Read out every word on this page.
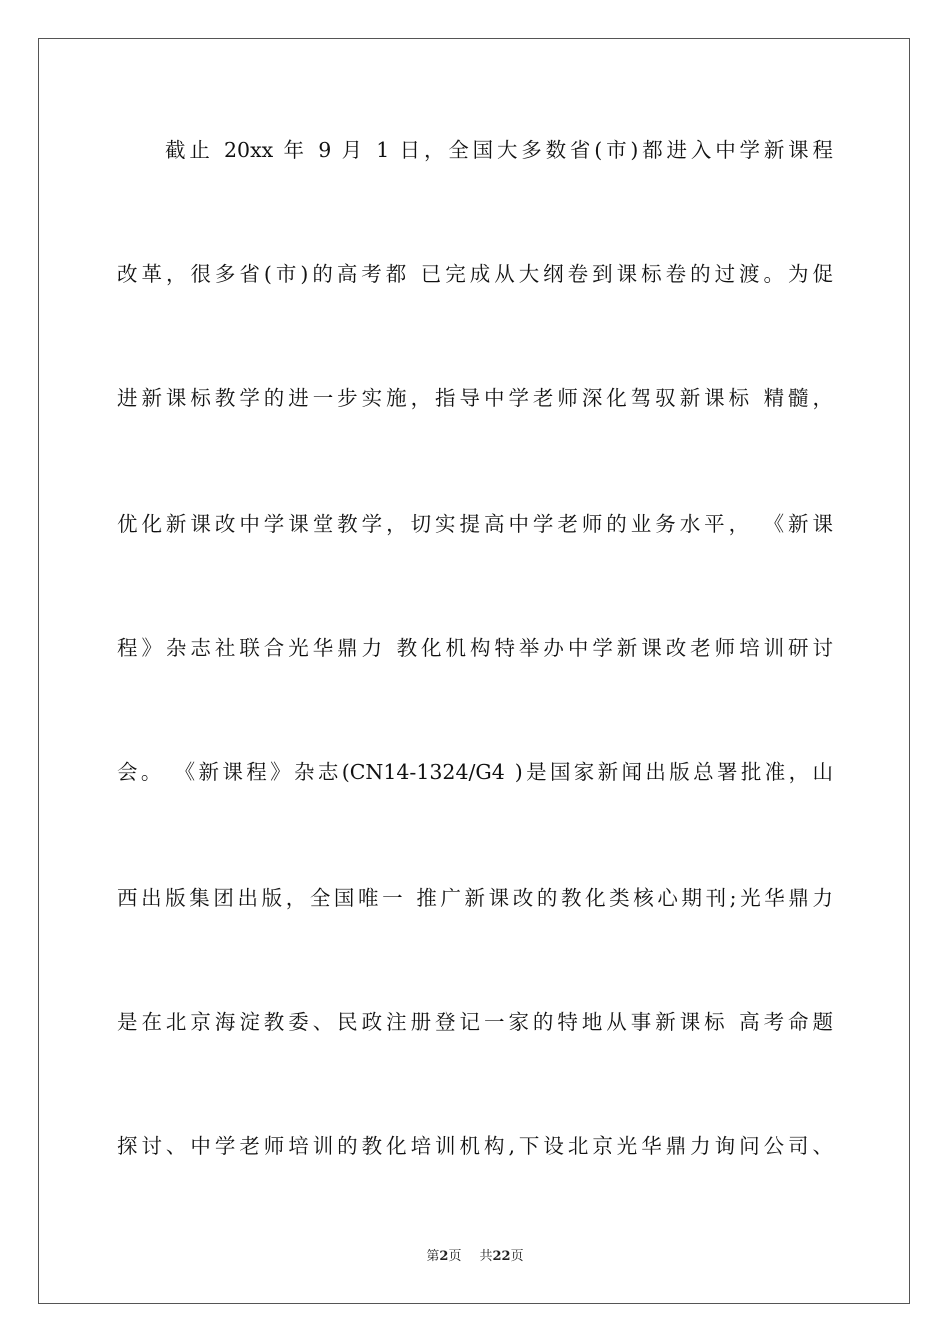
截止 20xx 年 9 月 1 日，全国大多数省(市)都进入中学新课程
改革，很多省(市)的高考都 已完成从大纲卷到课标卷的过渡。为促
进新课标教学的进一步实施，指导中学老师深化驾驭新课标 精髓，
优化新课改中学课堂教学，切实提高中学老师的业务水平， 《新课
程》杂志社联合光华鼎力 教化机构特举办中学新课改老师培训研讨
会。 《新课程》杂志(CN14-1324/G4 )是国家新闻出版总署批准，山
西出版集团出版，全国唯一 推广新课改的教化类核心期刊;光华鼎力
是在北京海淀教委、民政注册登记一家的特地从事新课标 高考命题
探讨、中学老师培训的教化培训机构,下设北京光华鼎力询问公司、
第2页 共22页
